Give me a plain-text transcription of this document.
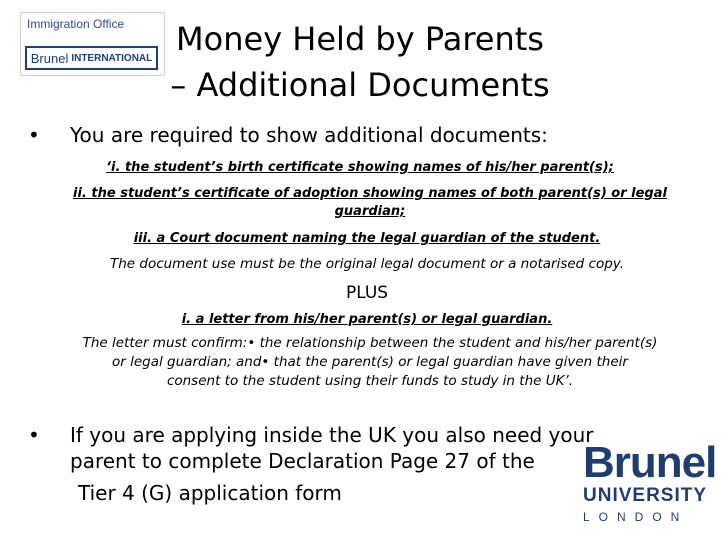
Immigration Office
Brunel INTERNATIONAL Money Held by Parents
– Additional Documents
• You are required to show additional documents:
‘i. the student’s birth certificate showing names of his/her parent(s);
ii. the student’s certificate of adoption showing names of both parent(s) or legal
guardian;
iii. a Court document naming the legal guardian of the student.
The document use must be the original legal document or a notarised copy.
PLUS
i. a letter from his/her parent(s) or legal guardian.
The letter must confirm:• the relationship between the student and his/her parent(s)
or legal guardian; and• that the parent(s) or legal guardian have given their
consent to the student using their funds to study in the UK’.
• If you are applying inside the UK you also need your parent to complete Declaration Page 27 of the
Tier 4 (G) application form
Brunel
UNIVERSITY
LONDON
